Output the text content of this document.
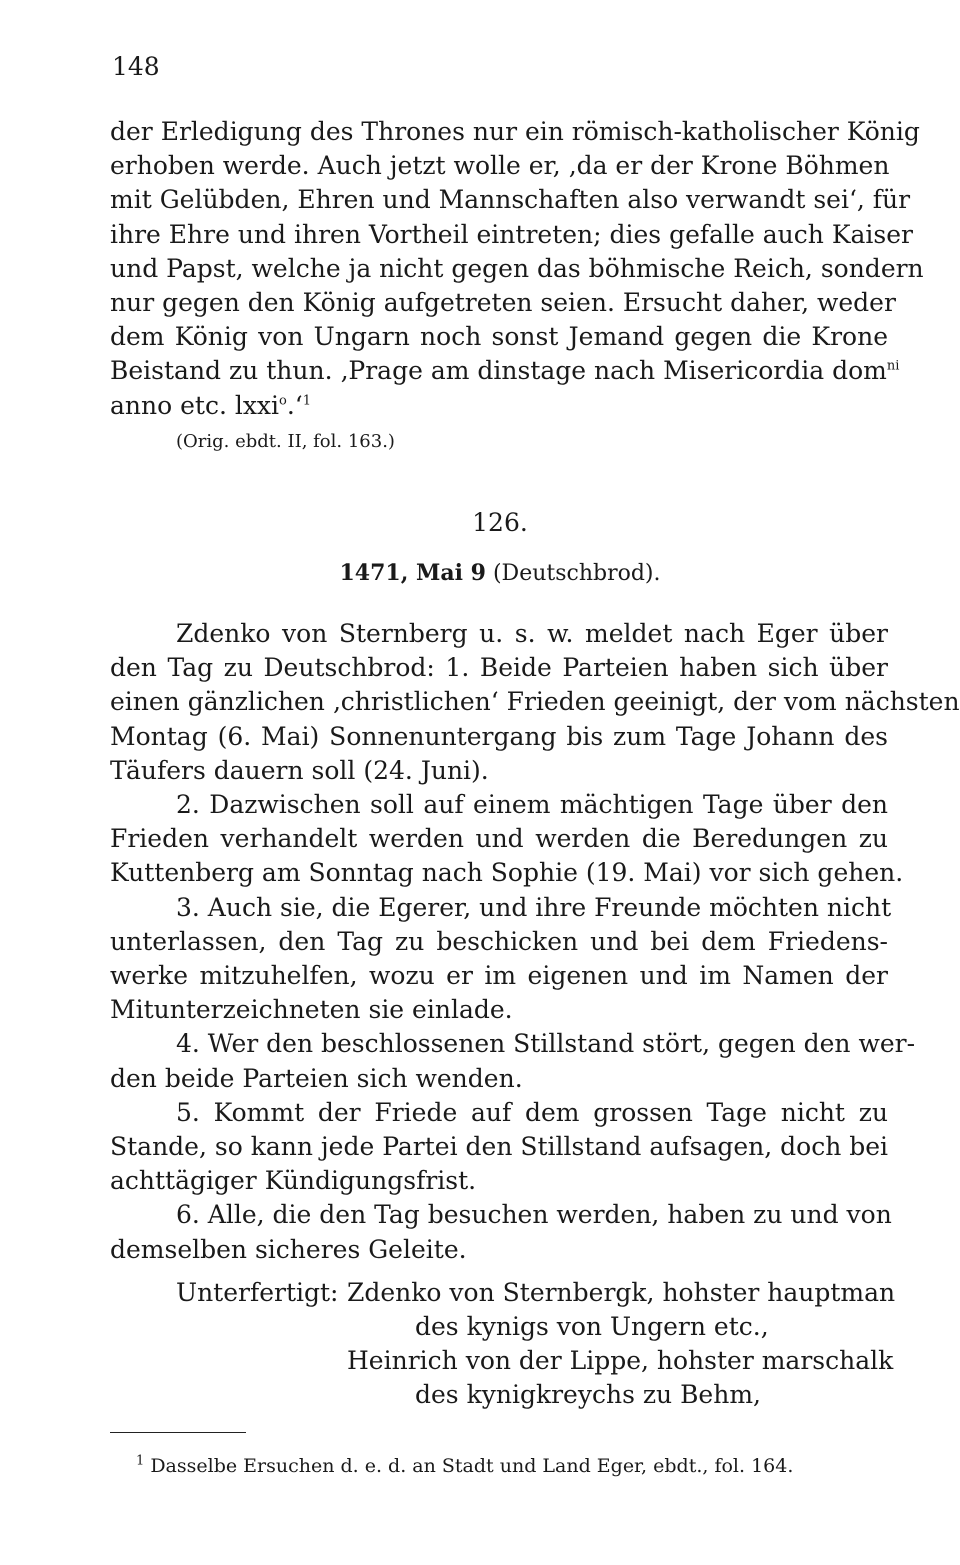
148
der Erledigung des Thrones nur ein römisch-katholischer König
erhoben werde. Auch jetzt wolle er, ‚da er der Krone Böhmen
mit Gelübden, Ehren und Mannschaften also verwandt sei‘, für
ihre Ehre und ihren Vortheil eintreten; dies gefalle auch Kaiser
und Papst, welche ja nicht gegen das böhmische Reich, sondern
nur gegen den König aufgetreten seien. Ersucht daher, weder
dem König von Ungarn noch sonst Jemand gegen die Krone
Beistand zu thun. ‚Prage am dinstage nach Misericordia dom$^{ni}$
anno etc. lxxi$^o$.‘$^1$
(Orig. ebdt. II, fol. 163.)
126.
1471, Mai 9 (Deutschbrod).
Zdenko von Sternberg u. s. w. meldet nach Eger über
den Tag zu Deutschbrod: 1. Beide Parteien haben sich über
einen gänzlichen ‚christlichen‘ Frieden geeinigt, der vom nächsten
Montag (6. Mai) Sonnenuntergang bis zum Tage Johann des
Täufers dauern soll (24. Juni).
2. Dazwischen soll auf einem mächtigen Tage über den
Frieden verhandelt werden und werden die Beredungen zu
Kuttenberg am Sonntag nach Sophie (19. Mai) vor sich gehen.
3. Auch sie, die Egerer, und ihre Freunde möchten nicht
unterlassen, den Tag zu beschicken und bei dem Friedens-
werke mitzuhelfen, wozu er im eigenen und im Namen der
Mitunterzeichneten sie einlade.
4. Wer den beschlossenen Stillstand stört, gegen den wer-
den beide Parteien sich wenden.
5. Kommt der Friede auf dem grossen Tage nicht zu
Stande, so kann jede Partei den Stillstand aufsagen, doch bei
achttägiger Kündigungsfrist.
6. Alle, die den Tag besuchen werden, haben zu und von
demselben sicheres Geleite.
Unterfertigt: Zdenko von Sternbergk, hohster hauptman
des kynigs von Ungern etc.,
Heinrich von der Lippe, hohster marschalk
des kynigkreychs zu Behm,
$^1$ Dasselbe Ersuchen d. e. d. an Stadt und Land Eger, ebdt., fol. 164.
